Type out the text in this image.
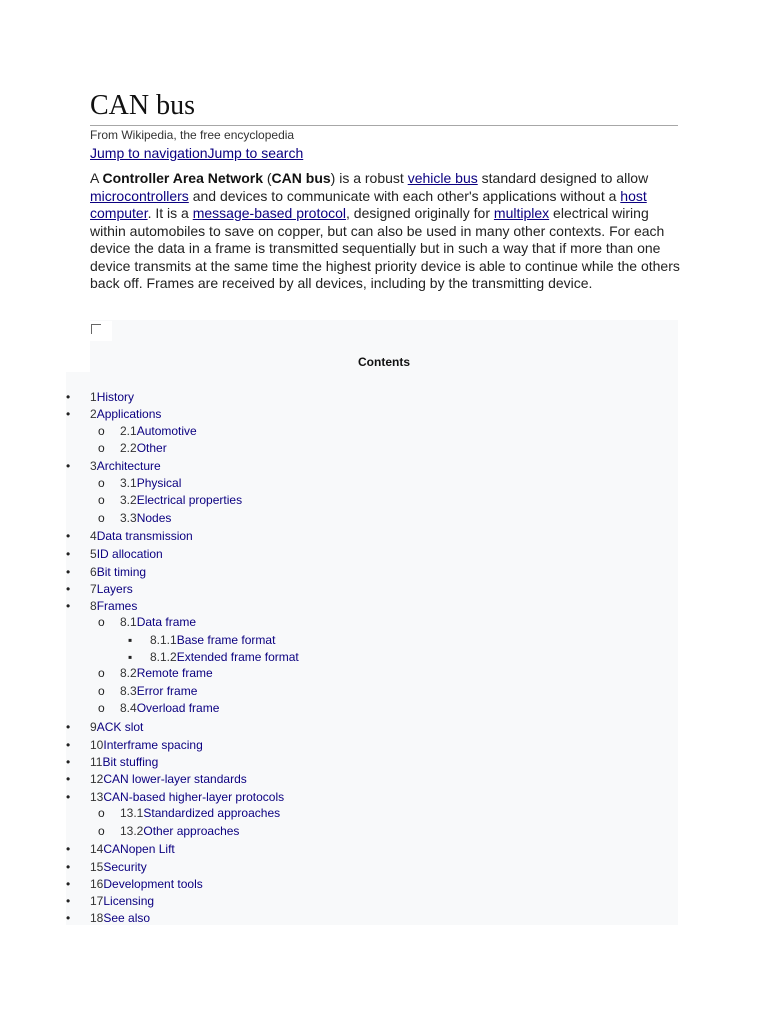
CAN bus
From Wikipedia, the free encyclopedia
Jump to navigationJump to search

A Controller Area Network (CAN bus) is a robust vehicle bus standard designed to allow microcontrollers and devices to communicate with each other's applications without a host computer. It is a message-based protocol, designed originally for multiplex electrical wiring within automobiles to save on copper, but can also be used in many other contexts. For each device the data in a frame is transmitted sequentially but in such a way that if more than one device transmits at the same time the highest priority device is able to continue while the others back off. Frames are received by all devices, including by the transmitting device.

Contents
• 1History
• 2Applications
o 2.1Automotive
o 2.2Other
• 3Architecture
o 3.1Physical
o 3.2Electrical properties
o 3.3Nodes
• 4Data transmission
• 5ID allocation
• 6Bit timing
• 7Layers
• 8Frames
o 8.1Data frame
▪ 8.1.1Base frame format
▪ 8.1.2Extended frame format
o 8.2Remote frame
o 8.3Error frame
o 8.4Overload frame
• 9ACK slot
• 10Interframe spacing
• 11Bit stuffing
• 12CAN lower-layer standards
• 13CAN-based higher-layer protocols
o 13.1Standardized approaches
o 13.2Other approaches
• 14CANopen Lift
• 15Security
• 16Development tools
• 17Licensing
• 18See also
